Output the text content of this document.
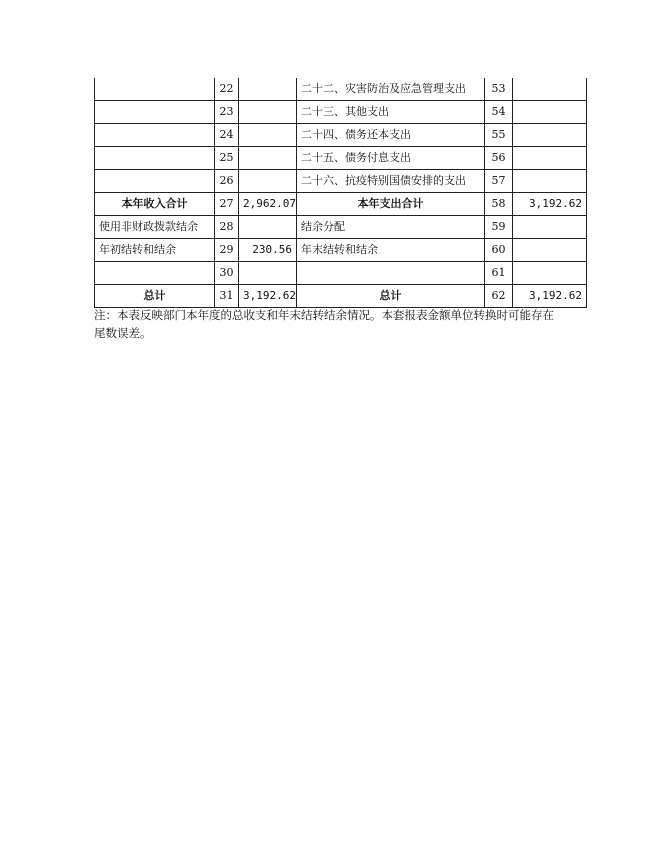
	22		二十二、灾害防治及应急管理支出	53	
	23		二十三、其他支出	54	
	24		二十四、债务还本支出	55	
	25		二十五、债务付息支出	56	
	26		二十六、抗疫特别国债安排的支出	57	
本年收入合计	27	2,962.07	本年支出合计	58	3,192.62
使用非财政拨款结余	28		结余分配	59	
年初结转和结余	29	230.56	年末结转和结余	60	
	30			61	
总计	31	3,192.62	总计	62	3,192.62
注：本表反映部门本年度的总收支和年末结转结余情况。本套报表金额单位转换时可能存在
尾数误差。
